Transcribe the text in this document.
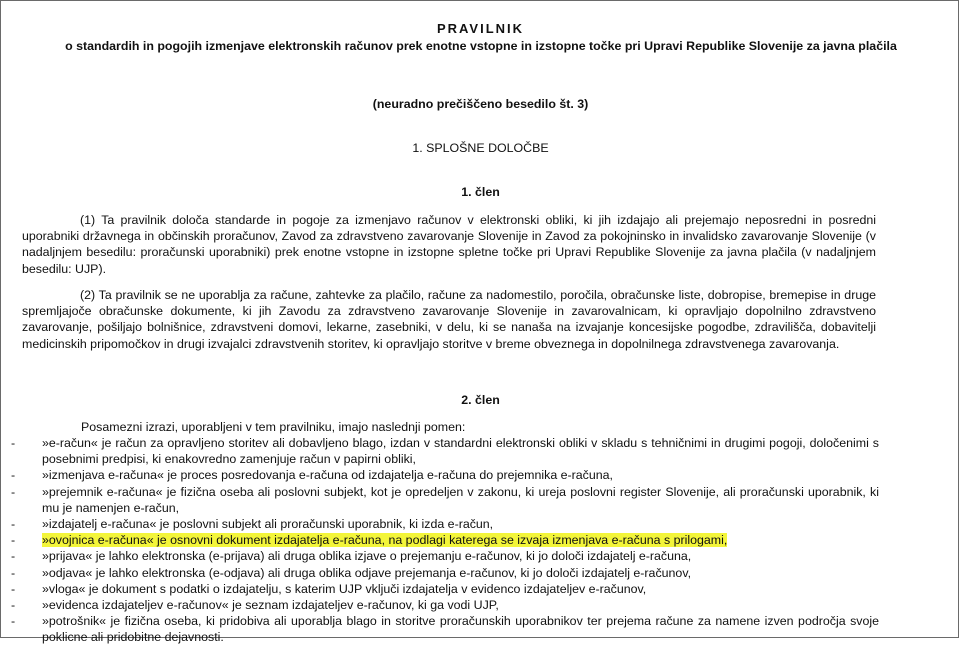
PRAVILNIK
o standardih in pogojih izmenjave elektronskih računov prek enotne vstopne in izstopne točke pri Upravi Republike Slovenije za javna plačila
(neuradno prečiščeno besedilo št. 3)
1. SPLOŠNE DOLOČBE
1. člen
(1) Ta pravilnik določa standarde in pogoje za izmenjavo računov v elektronski obliki, ki jih izdajajo ali prejemajo neposredni in posredni uporabniki državnega in občinskih proračunov, Zavod za zdravstveno zavarovanje Slovenije in Zavod za pokojninsko in invalidsko zavarovanje Slovenije (v nadaljnjem besedilu: proračunski uporabniki) prek enotne vstopne in izstopne spletne točke pri Upravi Republike Slovenije za javna plačila (v nadaljnjem besedilu: UJP).
(2) Ta pravilnik se ne uporablja za račune, zahtevke za plačilo, račune za nadomestilo, poročila, obračunske liste, dobropise, bremepise in druge spremljajoče obračunske dokumente, ki jih Zavodu za zdravstveno zavarovanje Slovenije in zavarovalnicam, ki opravljajo dopolnilno zdravstveno zavarovanje, pošiljajo bolnišnice, zdravstveni domovi, lekarne, zasebniki, v delu, ki se nanaša na izvajanje koncesijske pogodbe, zdravilišča, dobavitelji medicinskih pripomočkov in drugi izvajalci zdravstvenih storitev, ki opravljajo storitve v breme obveznega in dopolnilnega zdravstvenega zavarovanja.
2. člen
Posamezni izrazi, uporabljeni v tem pravilniku, imajo naslednji pomen:
- »e-račun« je račun za opravljeno storitev ali dobavljeno blago, izdan v standardni elektronski obliki v skladu s tehničnimi in drugimi pogoji, določenimi s posebnimi predpisi, ki enakovredno zamenjuje račun v papirni obliki,
- »izmenjava e-računa« je proces posredovanja e-računa od izdajatelja e-računa do prejemnika e-računa,
- »prejemnik e-računa« je fizična oseba ali poslovni subjekt, kot je opredeljen v zakonu, ki ureja poslovni register Slovenije, ali proračunski uporabnik, ki mu je namenjen e-račun,
- »izdajatelj e-računa« je poslovni subjekt ali proračunski uporabnik, ki izda e-račun,
- »ovojnica e-računa« je osnovni dokument izdajatelja e-računa, na podlagi katerega se izvaja izmenjava e-računa s prilogami,
- »prijava« je lahko elektronska (e-prijava) ali druga oblika izjave o prejemanju e-računov, ki jo določi izdajatelj e-računa,
- »odjava« je lahko elektronska (e-odjava) ali druga oblika odjave prejemanja e-računov, ki jo določi izdajatelj e-računov,
- »vloga« je dokument s podatki o izdajatelju, s katerim UJP vključi izdajatelja v evidenco izdajateljev e-računov,
- »evidenca izdajateljev e-računov« je seznam izdajateljev e-računov, ki ga vodi UJP,
- »potrošnik« je fizična oseba, ki pridobiva ali uporablja blago in storitve proračunskih uporabnikov ter prejema račune za namene izven področja svoje poklicne ali pridobitne dejavnosti.
